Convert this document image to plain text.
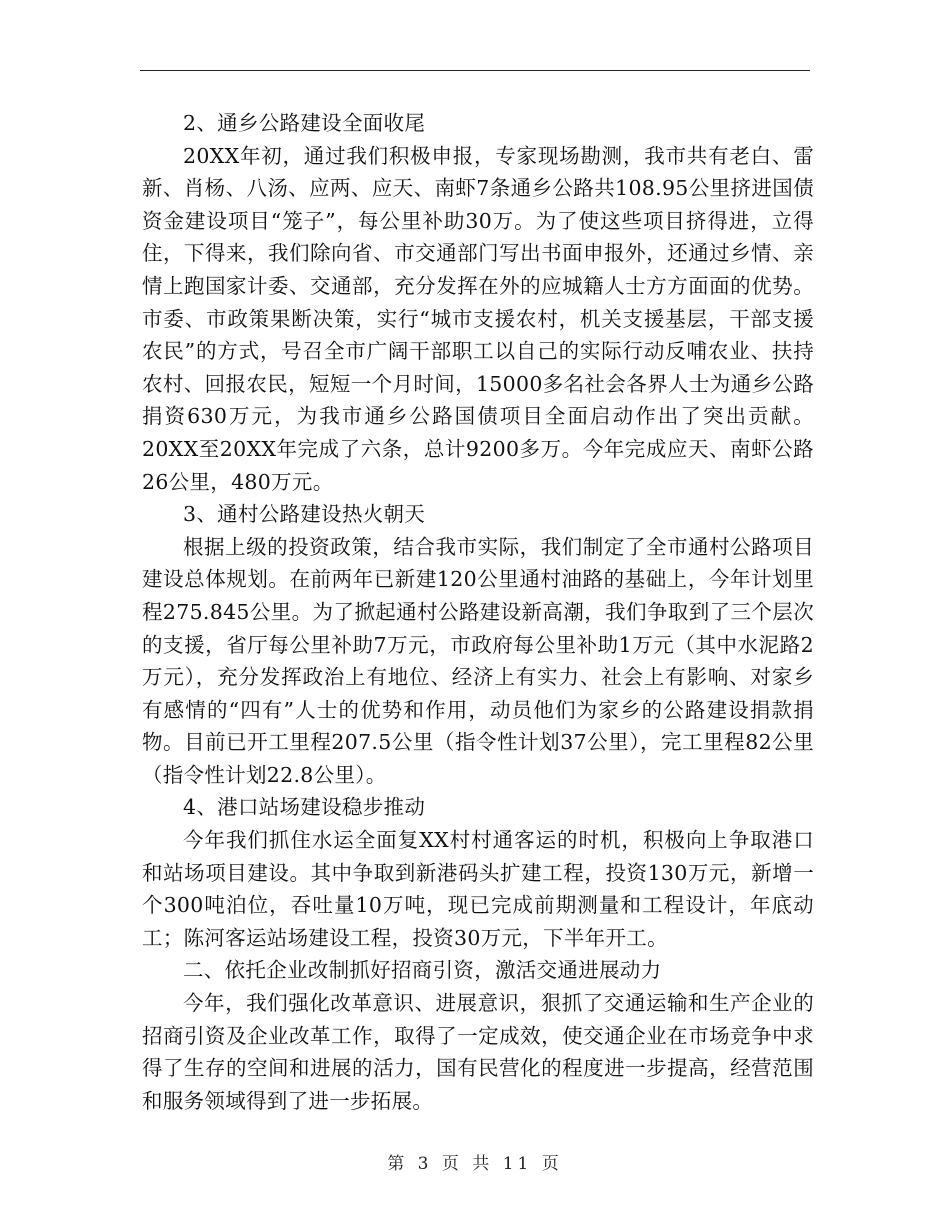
2、通乡公路建设全面收尾

20XX年初，通过我们积极申报，专家现场勘测，我市共有老白、雷新、肖杨、八汤、应两、应天、南虾7条通乡公路共108.95公里挤进国债资金建设项目“笼子”，每公里补助30万。为了使这些项目挤得进，立得住，下得来，我们除向省、市交通部门写出书面申报外，还通过乡情、亲情上跑国家计委、交通部，充分发挥在外的应城籍人士方方面面的优势。市委、市政策果断决策，实行“城市支援农村，机关支援基层，干部支援农民”的方式，号召全市广阔干部职工以自己的实际行动反哺农业、扶持农村、回报农民，短短一个月时间，15000多名社会各界人士为通乡公路捐资630万元，为我市通乡公路国债项目全面启动作出了突出贡献。20XX至20XX年完成了六条，总计9200多万。今年完成应天、南虾公路26公里，480万元。

3、通村公路建设热火朝天

根据上级的投资政策，结合我市实际，我们制定了全市通村公路项目建设总体规划。在前两年已新建120公里通村油路的基础上，今年计划里程275.845公里。为了掀起通村公路建设新高潮，我们争取到了三个层次的支援，省厅每公里补助7万元，市政府每公里补助1万元（其中水泥路2万元），充分发挥政治上有地位、经济上有实力、社会上有影响、对家乡有感情的“四有”人士的优势和作用，动员他们为家乡的公路建设捐款捐物。目前已开工里程207.5公里（指令性计划37公里），完工里程82公里（指令性计划22.8公里）。

4、港口站场建设稳步推动

今年我们抓住水运全面复XX村村通客运的时机，积极向上争取港口和站场项目建设。其中争取到新港码头扩建工程，投资130万元，新增一个300吨泊位，吞吐量10万吨，现已完成前期测量和工程设计，年底动工；陈河客运站场建设工程，投资30万元，下半年开工。

二、依托企业改制抓好招商引资，激活交通进展动力

今年，我们强化改革意识、进展意识，狠抓了交通运输和生产企业的招商引资及企业改革工作，取得了一定成效，使交通企业在市场竞争中求得了生存的空间和进展的活力，国有民营化的程度进一步提高，经营范围和服务领域得到了进一步拓展。

第 3 页 共 11 页
